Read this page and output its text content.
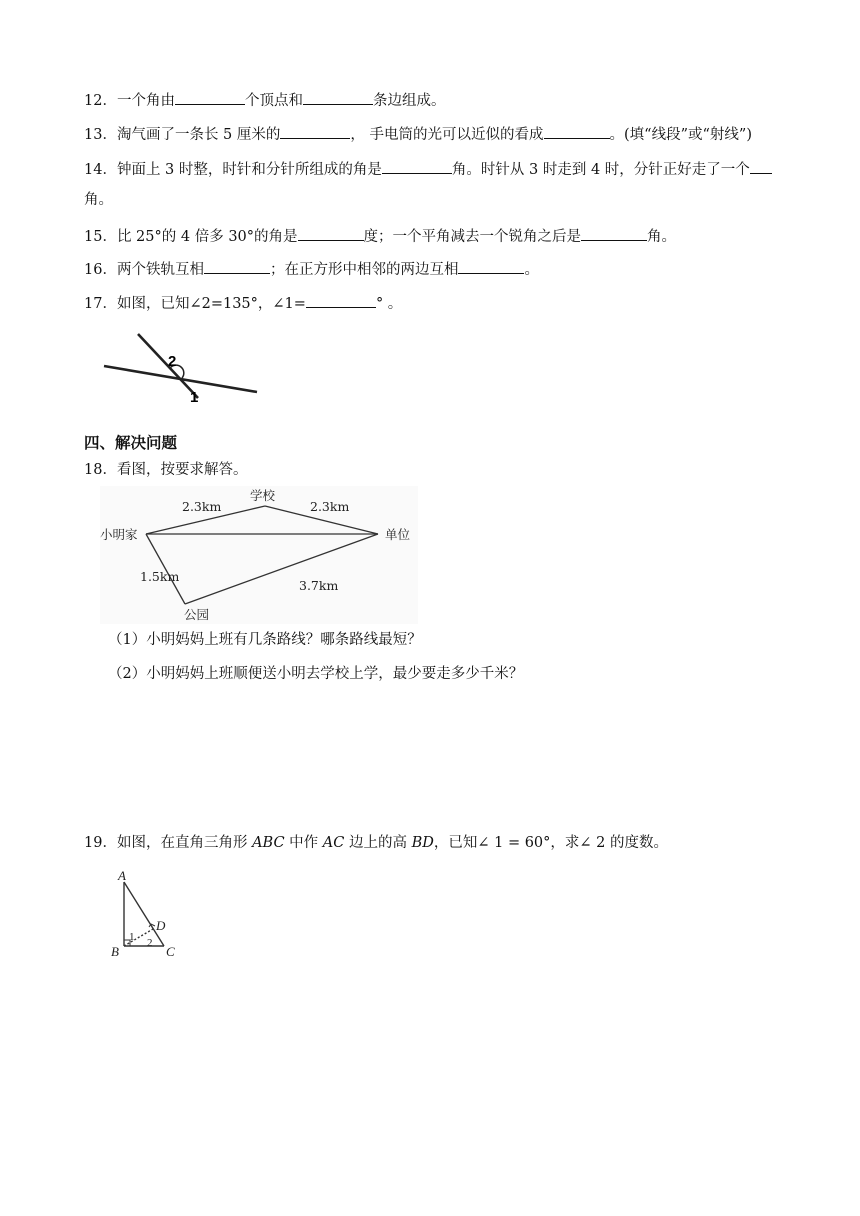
12．一个角由	个顶点和	条边组成。
13．淘气画了一条长 5 厘米的	， 手电筒的光可以近似的看成	。(填“线段”或“射线”)
14．钟面上 3 时整，时针和分针所组成的角是	角。时针从 3 时走到 4 时，分针正好走了一个
角。
15．比 25°的 4 倍多 30°的角是	度；一个平角减去一个锐角之后是	角。
16．两个铁轨互相	；在正方形中相邻的两边互相	。
17．如图，已知∠2=135°，∠1=	° 。
2
1
四、解决问题
18．看图，按要求解答。
小明家
学校
单位
公园
2.3km	2.3km
1.5km
3.7km
（1）小明妈妈上班有几条路线？哪条路线最短？
（2）小明妈妈上班顺便送小明去学校上学，最少要走多少千米？
19．如图，在直角三角形 ABC 中作 AC 边上的高 BD，已知∠ 1 = 60°，求∠ 2 的度数。
A
B	C
D
1 2
